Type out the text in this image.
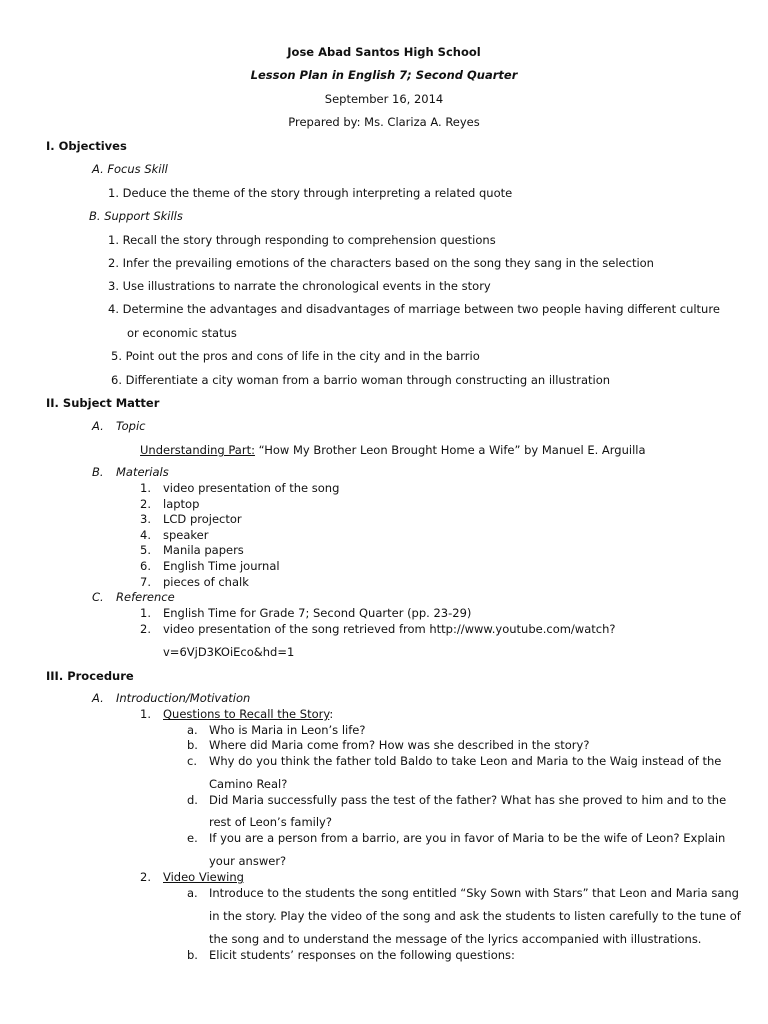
Jose Abad Santos High School
Lesson Plan in English 7; Second Quarter
September 16, 2014
Prepared by: Ms. Clariza A. Reyes
I. Objectives
A. Focus Skill
1. Deduce the theme of the story through interpreting a related quote
B. Support Skills
1. Recall the story through responding to comprehension questions
2. Infer the prevailing emotions of the characters based on the song they sang in the selection
3. Use illustrations to narrate the chronological events in the story
4. Determine the advantages and disadvantages of marriage between two people having different culture
or economic status
5. Point out the pros and cons of life in the city and in the barrio
6. Differentiate a city woman from a barrio woman through constructing an illustration
II. Subject Matter
A. Topic
Understanding Part: “How My Brother Leon Brought Home a Wife” by Manuel E. Arguilla
B. Materials
1. video presentation of the song
2. laptop
3. LCD projector
4. speaker
5. Manila papers
6. English Time journal
7. pieces of chalk
C. Reference
1. English Time for Grade 7; Second Quarter (pp. 23-29)
2. video presentation of the song retrieved from http://www.youtube.com/watch?
v=6VjD3KOiEco&hd=1
III. Procedure
A. Introduction/Motivation
1. Questions to Recall the Story:
a. Who is Maria in Leon’s life?
b. Where did Maria come from? How was she described in the story?
c. Why do you think the father told Baldo to take Leon and Maria to the Waig instead of the
Camino Real?
d. Did Maria successfully pass the test of the father? What has she proved to him and to the
rest of Leon’s family?
e. If you are a person from a barrio, are you in favor of Maria to be the wife of Leon? Explain
your answer?
2. Video Viewing
a. Introduce to the students the song entitled “Sky Sown with Stars” that Leon and Maria sang
in the story. Play the video of the song and ask the students to listen carefully to the tune of
the song and to understand the message of the lyrics accompanied with illustrations.
b. Elicit students’ responses on the following questions:
